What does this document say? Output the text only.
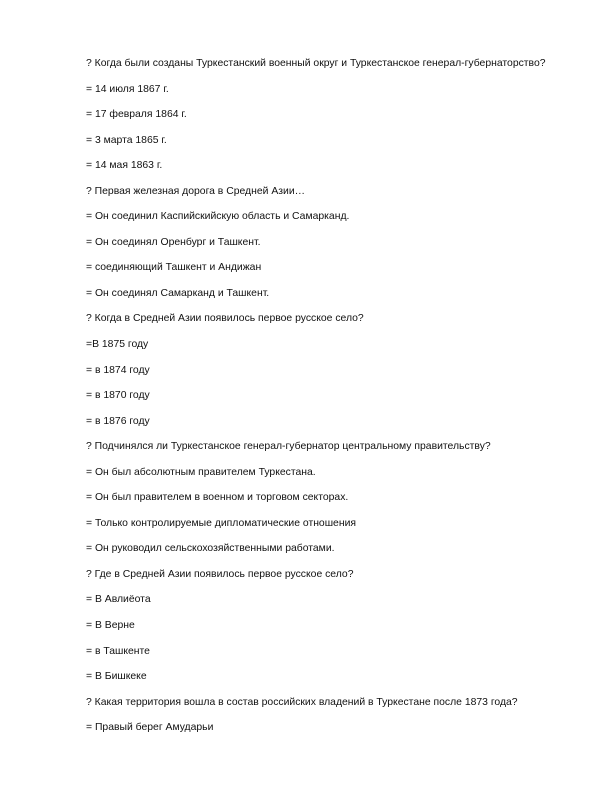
? Когда были созданы Туркестанский военный округ и Туркестанское генерал-губернаторство?
= 14 июля 1867 г.
= 17 февраля 1864 г.
= 3 марта 1865 г.
= 14 мая 1863 г.
? Первая железная дорога в Средней Азии…
= Он соединил Каспийскийскую область и Самарканд.
= Он соединял Оренбург и Ташкент.
= соединяющий Ташкент и Андижан
= Он соединял Самарканд и Ташкент.
? Когда в Средней Азии появилось первое русское село?
=В 1875 году
= в 1874 году
= в 1870 году
= в 1876 году
? Подчинялся ли Туркестанское генерал-губернатор центральному правительству?
= Он был абсолютным правителем Туркестана.
= Он был правителем в военном и торговом секторах.
= Только контролируемые дипломатические отношения
= Он руководил сельскохозяйственными работами.
? Где в Средней Азии появилось первое русское село?
= В Авлиёота
= В Верне
= в Ташкенте
= В Бишкеке
? Какая территория вошла в состав российских владений в Туркестане после 1873 года?
= Правый берег Амударьи
